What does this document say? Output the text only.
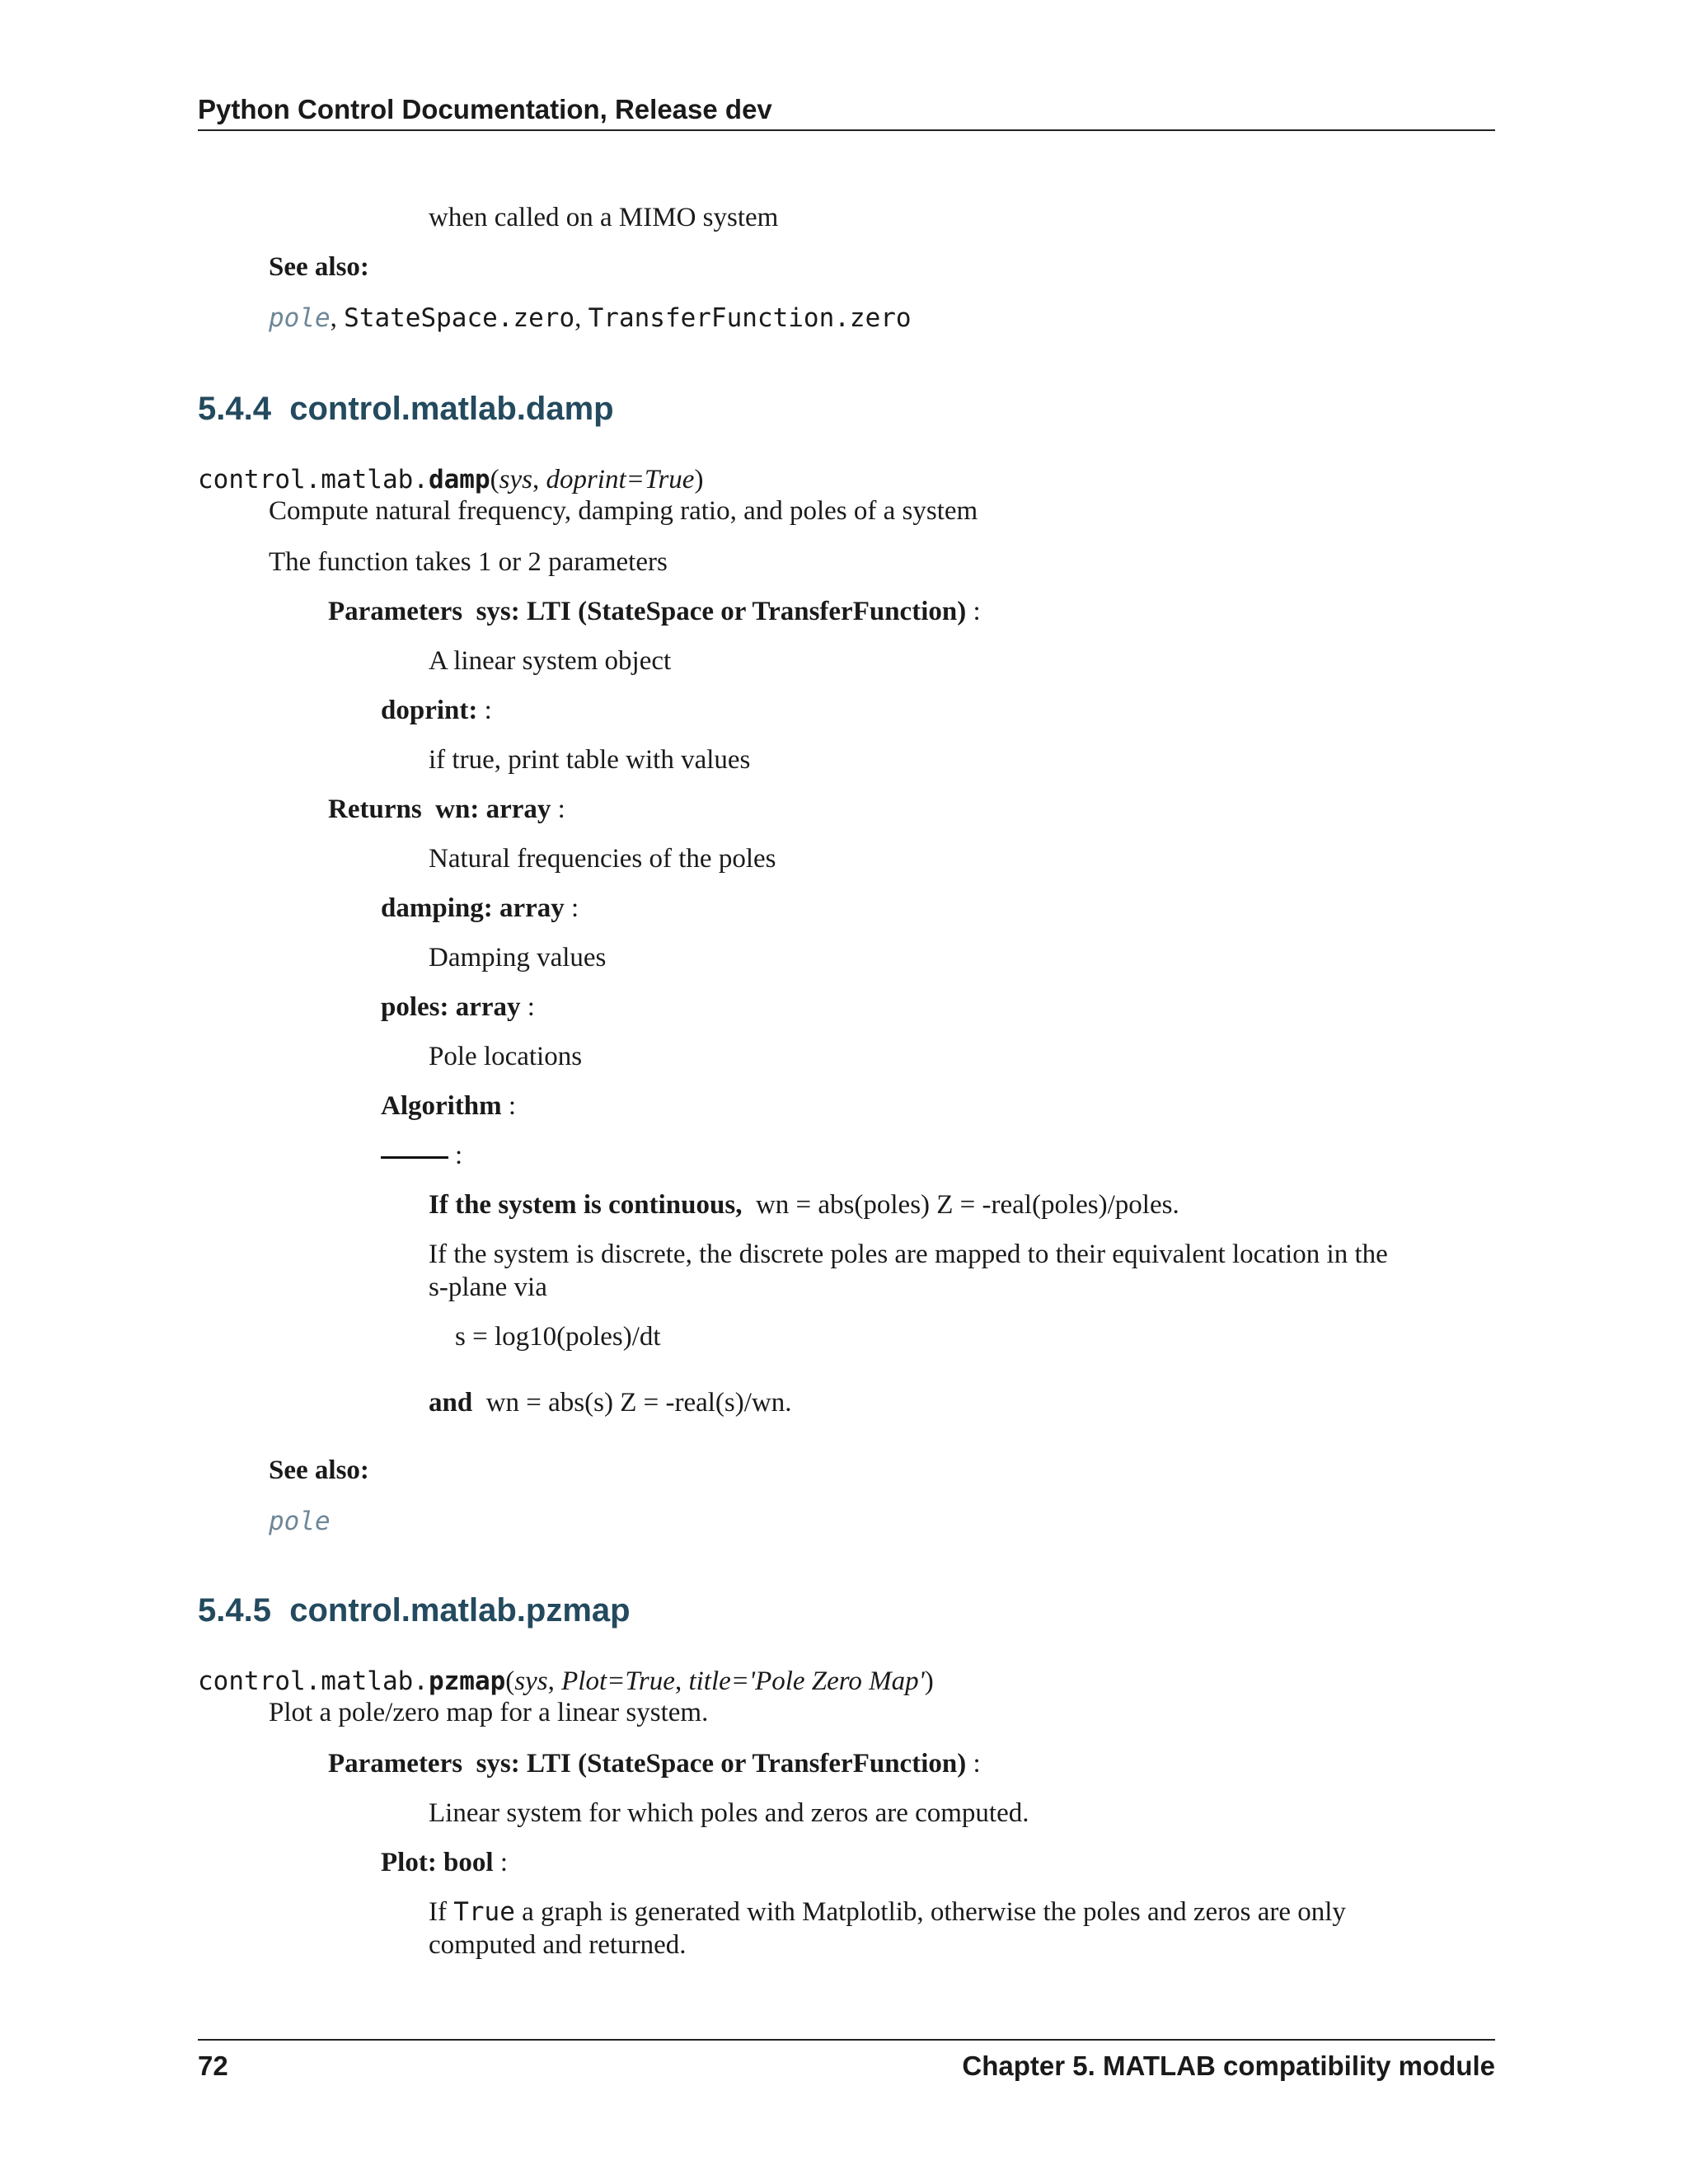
Python Control Documentation, Release dev
when called on a MIMO system
See also:
pole, StateSpace.zero, TransferFunction.zero
5.4.4 control.matlab.damp
control.matlab.damp(sys, doprint=True)
Compute natural frequency, damping ratio, and poles of a system
The function takes 1 or 2 parameters
Parameters sys: LTI (StateSpace or TransferFunction) :
A linear system object
doprint: :
if true, print table with values
Returns wn: array :
Natural frequencies of the poles
damping: array :
Damping values
poles: array :
Pole locations
Algorithm :
:
If the system is continuous, wn = abs(poles) Z = -real(poles)/poles.
If the system is discrete, the discrete poles are mapped to their equivalent location in the
s-plane via
s = log10(poles)/dt
and wn = abs(s) Z = -real(s)/wn.
See also:
pole
5.4.5 control.matlab.pzmap
control.matlab.pzmap(sys, Plot=True, title='Pole Zero Map')
Plot a pole/zero map for a linear system.
Parameters sys: LTI (StateSpace or TransferFunction) :
Linear system for which poles and zeros are computed.
Plot: bool :
If True a graph is generated with Matplotlib, otherwise the poles and zeros are only
computed and returned.
72	Chapter 5. MATLAB compatibility module
